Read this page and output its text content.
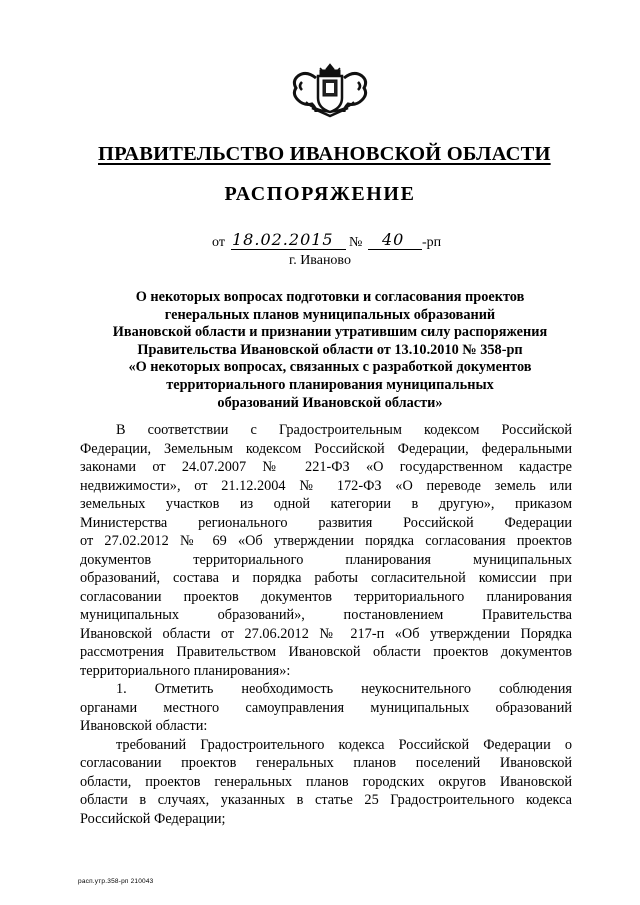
ПРАВИТЕЛЬСТВО ИВАНОВСКОЙ ОБЛАСТИ
РАСПОРЯЖЕНИЕ
от 18.02.2015 № 40 -рп
г. Иваново
О некоторых вопросах подготовки и согласования проектов
генеральных планов муниципальных образований
Ивановской области и признании утратившим силу распоряжения
Правительства Ивановской области от 13.10.2010 № 358-рп
«О некоторых вопросах, связанных с разработкой документов
территориального планирования муниципальных
образований Ивановской области»
В соответствии с Градостроительным кодексом Российской
Федерации, Земельным кодексом Российской Федерации, федеральными
законами от 24.07.2007 № 221-ФЗ «О государственном кадастре
недвижимости», от 21.12.2004 № 172-ФЗ «О переводе земель или
земельных участков из одной категории в другую», приказом
Министерства регионального развития Российской Федерации
от 27.02.2012 № 69 «Об утверждении порядка согласования проектов
документов территориального планирования муниципальных
образований, состава и порядка работы согласительной комиссии при
согласовании проектов документов территориального планирования
муниципальных образований», постановлением Правительства
Ивановской области от 27.06.2012 № 217-п «Об утверждении Порядка
рассмотрения Правительством Ивановской области проектов документов
территориального планирования»:
1. Отметить необходимость неукоснительного соблюдения
органами местного самоуправления муниципальных образований
Ивановской области:
требований Градостроительного кодекса Российской Федерации о
согласовании проектов генеральных планов поселений Ивановской
области, проектов генеральных планов городских округов Ивановской
области в случаях, указанных в статье 25 Градостроительного кодекса
Российской Федерации;
расп.утр.358-рп 210043
